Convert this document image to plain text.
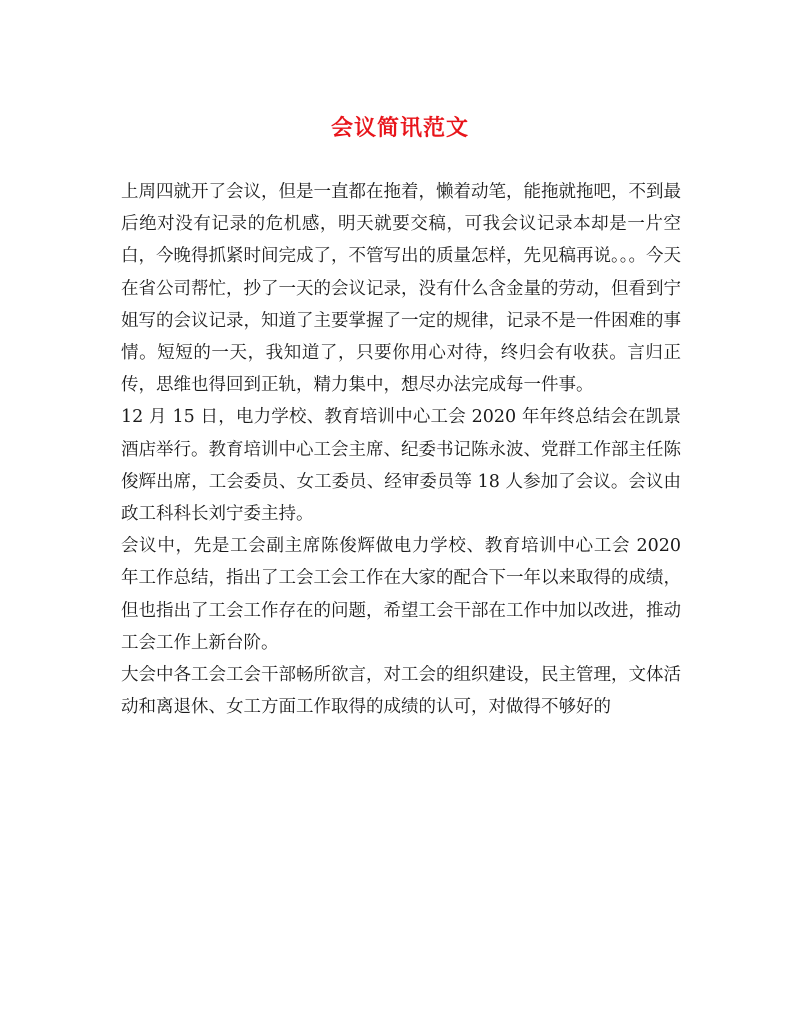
会议简讯范文

上周四就开了会议，但是一直都在拖着，懒着动笔，能拖就拖吧，不到最后绝对没有记录的危机感，明天就要交稿，可我会议记录本却是一片空白，今晚得抓紧时间完成了，不管写出的质量怎样，先见稿再说。。。今天在省公司帮忙，抄了一天的会议记录，没有什么含金量的劳动，但看到宁姐写的会议记录，知道了主要掌握了一定的规律，记录不是一件困难的事情。短短的一天，我知道了，只要你用心对待，终归会有收获。言归正传，思维也得回到正轨，精力集中，想尽办法完成每一件事。

12 月 15 日，电力学校、教育培训中心工会 2020 年年终总结会在凯景酒店举行。教育培训中心工会主席、纪委书记陈永波、党群工作部主任陈俊辉出席，工会委员、女工委员、经审委员等 18 人参加了会议。会议由政工科科长刘宁委主持。

会议中，先是工会副主席陈俊辉做电力学校、教育培训中心工会 2020 年工作总结，指出了工会工会工作在大家的配合下一年以来取得的成绩，但也指出了工会工作存在的问题，希望工会干部在工作中加以改进，推动工会工作上新台阶。

大会中各工会工会干部畅所欲言，对工会的组织建设，民主管理，文体活动和离退休、女工方面工作取得的成绩的认可，对做得不够好的
